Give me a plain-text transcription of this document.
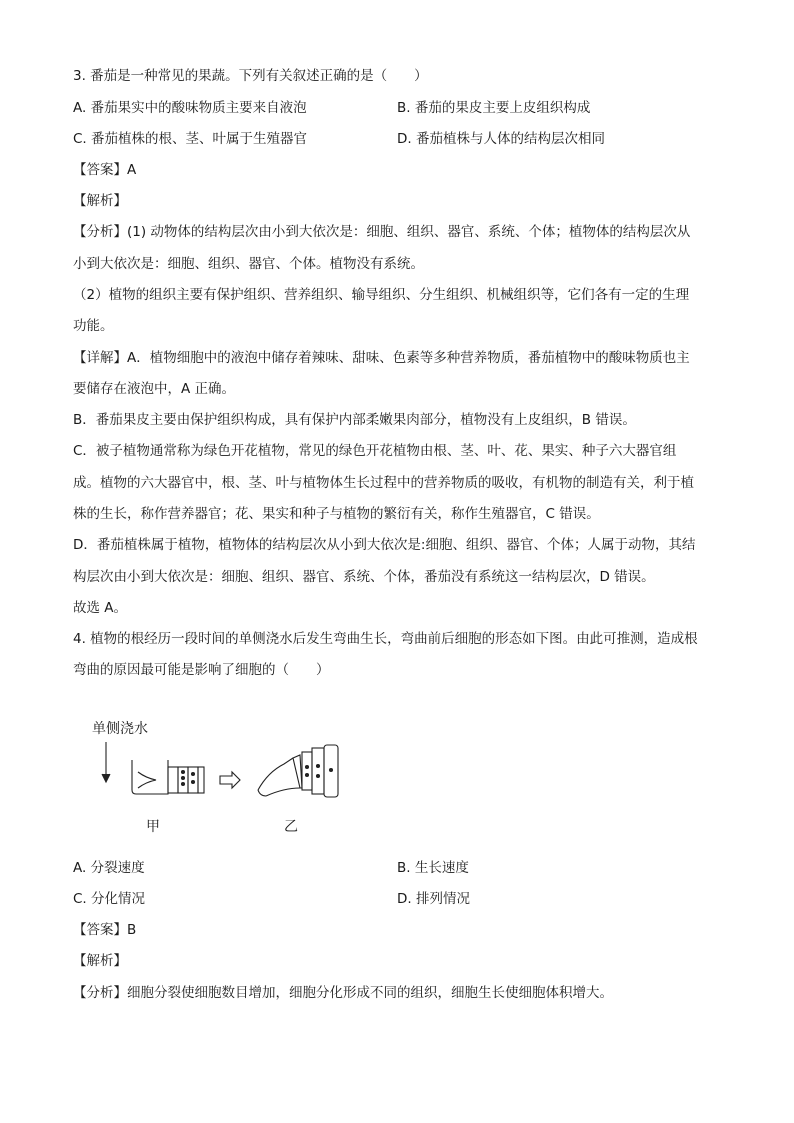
3. 番茄是一种常见的果蔬。下列有关叙述正确的是（　　）
A. 番茄果实中的酸味物质主要来自液泡	B. 番茄的果皮主要上皮组织构成
C. 番茄植株的根、茎、叶属于生殖器官	D. 番茄植株与人体的结构层次相同
【答案】A
【解析】
【分析】(1) 动物体的结构层次由小到大依次是：细胞、组织、器官、系统、个体；植物体的结构层次从
小到大依次是：细胞、组织、器官、个体。植物没有系统。
（2）植物的组织主要有保护组织、营养组织、输导组织、分生组织、机械组织等，它们各有一定的生理
功能。
【详解】A．植物细胞中的液泡中储存着辣味、甜味、色素等多种营养物质，番茄植物中的酸味物质也主
要储存在液泡中，A 正确。
B．番茄果皮主要由保护组织构成，具有保护内部柔嫩果肉部分，植物没有上皮组织，B 错误。
C．被子植物通常称为绿色开花植物，常见的绿色开花植物由根、茎、叶、花、果实、种子六大器官组
成。植物的六大器官中，根、茎、叶与植物体生长过程中的营养物质的吸收，有机物的制造有关，利于植
株的生长，称作营养器官；花、果实和种子与植物的繁衍有关，称作生殖器官，C 错误。
D．番茄植株属于植物，植物体的结构层次从小到大依次是:细胞、组织、器官、个体；人属于动物，其结
构层次由小到大依次是：细胞、组织、器官、系统、个体，番茄没有系统这一结构层次，D 错误。
故选 A。
4. 植物的根经历一段时间的单侧浇水后发生弯曲生长，弯曲前后细胞的形态如下图。由此可推测，造成根
弯曲的原因最可能是影响了细胞的（　　）
单侧浇水
甲	乙
A. 分裂速度	B. 生长速度
C. 分化情况	D. 排列情况
【答案】B
【解析】
【分析】细胞分裂使细胞数目增加，细胞分化形成不同的组织，细胞生长使细胞体积增大。
